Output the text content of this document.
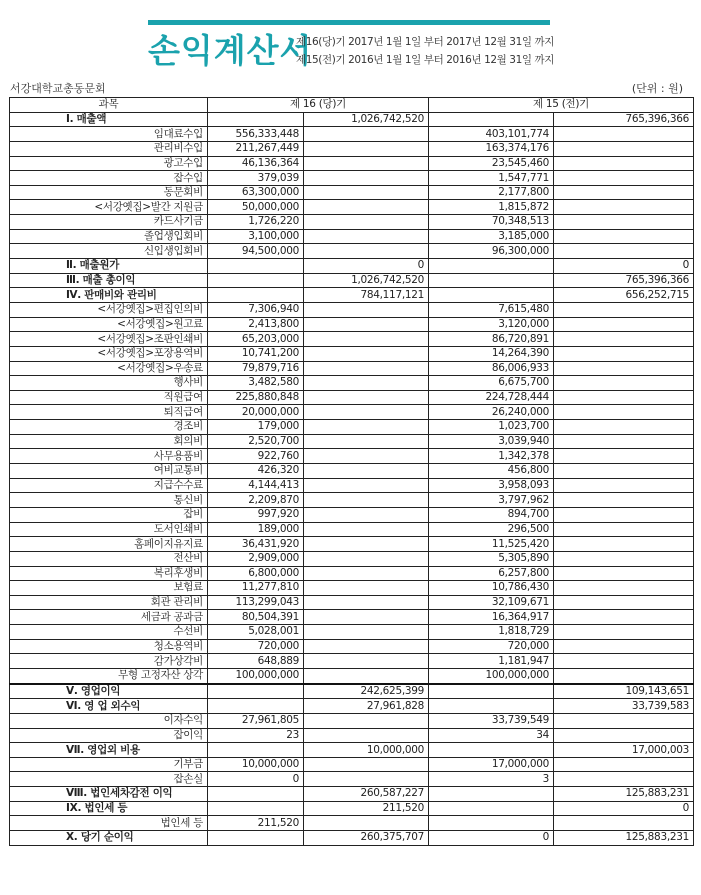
손익계산서
제16(당)기 2017년 1월 1일 부터 2017년 12월 31일 까지
제15(전)기 2016년 1월 1일 부터 2016년 12월 31일 까지
서강대학교총동문회	(단위 : 원)
과목	제 16 (당)기		제 15 (전)기	
Ⅰ. 매출액		1,026,742,520		765,396,366
임대료수입	556,333,448		403,101,774	
관리비수입	211,267,449		163,374,176	
광고수입	46,136,364		23,545,460	
잡수입	379,039		1,547,771	
동문회비	63,300,000		2,177,800	
<서강옛집>발간 지원금	50,000,000		1,815,872	
카드사기금	1,726,220		70,348,513	
졸업생입회비	3,100,000		3,185,000	
신입생입회비	94,500,000		96,300,000	
Ⅱ. 매출원가		0		0
Ⅲ. 매출 총이익		1,026,742,520		765,396,366
Ⅳ. 판매비와 관리비		784,117,121		656,252,715
<서강옛집>편집인의비	7,306,940		7,615,480	
<서강옛집>원고료	2,413,800		3,120,000	
<서강옛집>조판인쇄비	65,203,000		86,720,891	
<서강옛집>포장용역비	10,741,200		14,264,390	
<서강옛집>우송료	79,879,716		86,006,933	
행사비	3,482,580		6,675,700	
직원급여	225,880,848		224,728,444	
퇴직급여	20,000,000		26,240,000	
경조비	179,000		1,023,700	
회의비	2,520,700		3,039,940	
사무용품비	922,760		1,342,378	
여비교통비	426,320		456,800	
지급수수료	4,144,413		3,958,093	
통신비	2,209,870		3,797,962	
잡비	997,920		894,700	
도서인쇄비	189,000		296,500	
홈페이지유지료	36,431,920		11,525,420	
전산비	2,909,000		5,305,890	
복리후생비	6,800,000		6,257,800	
보험료	11,277,810		10,786,430	
회관 관리비	113,299,043		32,109,671	
세금과 공과금	80,504,391		16,364,917	
수선비	5,028,001		1,818,729	
청소용역비	720,000		720,000	
감가상각비	648,889		1,181,947	
무형 고정자산 상각	100,000,000		100,000,000	
Ⅴ. 영업이익		242,625,399		109,143,651
Ⅵ. 영 업 외수익		27,961,828		33,739,583
이자수익	27,961,805		33,739,549	
잡이익	23		34	
Ⅶ. 영업외 비용		10,000,000		17,000,003
기부금	10,000,000		17,000,000	
잡손실	0		3	
Ⅷ. 법인세차감전 이익		260,587,227		125,883,231
Ⅸ. 법인세 등		211,520		0
법인세 등	211,520			
Ⅹ. 당기 순이익		260,375,707	0	125,883,231
